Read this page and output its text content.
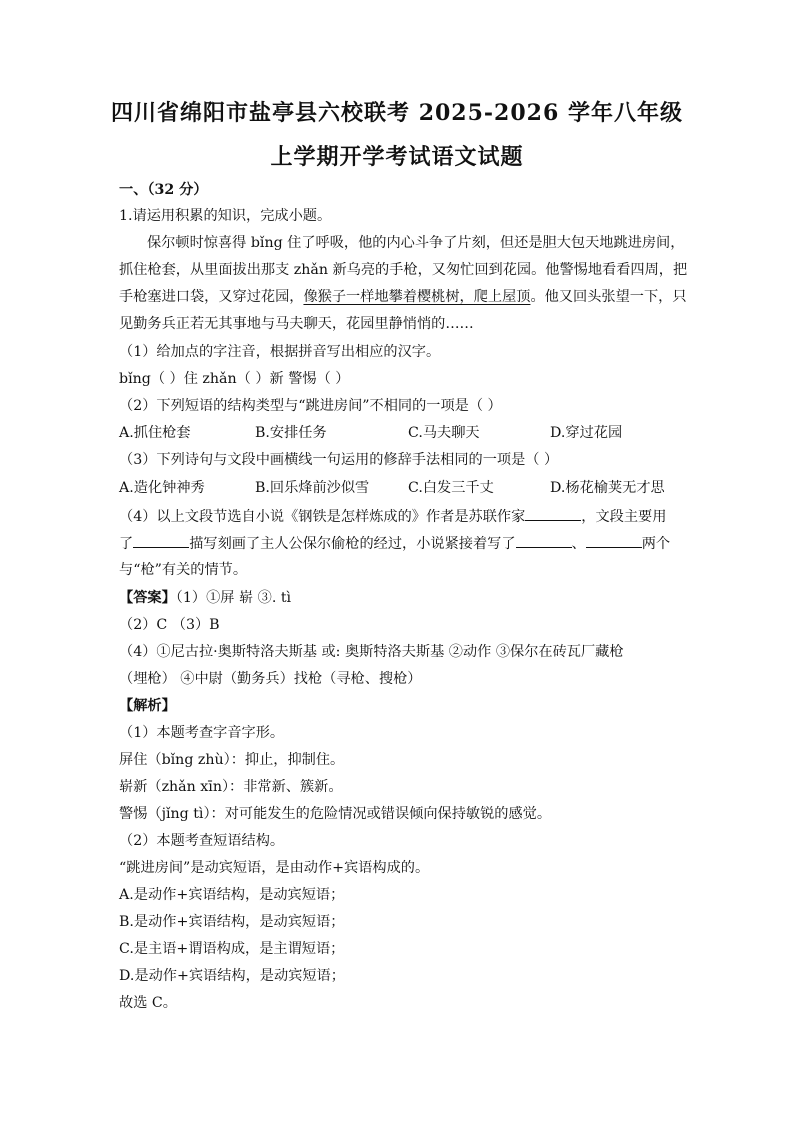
四川省绵阳市盐亭县六校联考 2025-2026 学年八年级
上学期开学考试语文试题
一、（32 分）
1.请运用积累的知识，完成小题。
保尔顿时惊喜得 bǐng 住了呼吸，他的内心斗争了片刻，但还是胆大包天地跳进房间，
抓住枪套，从里面拔出那支 zhǎn 新乌亮的手枪，又匆忙回到花园。他警惕地看看四周，把
手枪塞进口袋，又穿过花园，像猴子一样地攀着樱桃树，爬上屋顶。他又回头张望一下，只
见勤务兵正若无其事地与马夫聊天，花园里静悄悄的……
（1）给加点的字注音，根据拼音写出相应的汉字。
bǐng（ ）住 zhǎn（ ）新 警惕（ ）
（2）下列短语的结构类型与“跳进房间”不相同的一项是（ ）
A.抓住枪套	B.安排任务	C.马夫聊天	D.穿过花园
（3）下列诗句与文段中画横线一句运用的修辞手法相同的一项是（ ）
A.造化钟神秀	B.回乐烽前沙似雪	C.白发三千丈	D.杨花榆荚无才思
（4）以上文段节选自小说《钢铁是怎样炼成的》作者是苏联作家	，文段主要用
了	描写刻画了主人公保尔偷枪的经过，小说紧接着写了	、	两个
与“枪”有关的情节。
【答案】（1）①屏 崭 ③. tì
（2）C （3）B
（4）①尼古拉·奥斯特洛夫斯基 或: 奥斯特洛夫斯基 ②动作 ③保尔在砖瓦厂藏枪
（埋枪） ④中尉（勤务兵）找枪（寻枪、搜枪）
【解析】
（1）本题考查字音字形。
屏住（bǐng zhù）：抑止，抑制住。
崭新（zhǎn xīn）：非常新、簇新。
警惕（jǐng tì）：对可能发生的危险情况或错误倾向保持敏锐的感觉。
（2）本题考查短语结构。
“跳进房间”是动宾短语，是由动作+宾语构成的。
A.是动作+宾语结构，是动宾短语；
B.是动作+宾语结构，是动宾短语；
C.是主语+谓语构成，是主谓短语；
D.是动作+宾语结构，是动宾短语；
故选 C。
